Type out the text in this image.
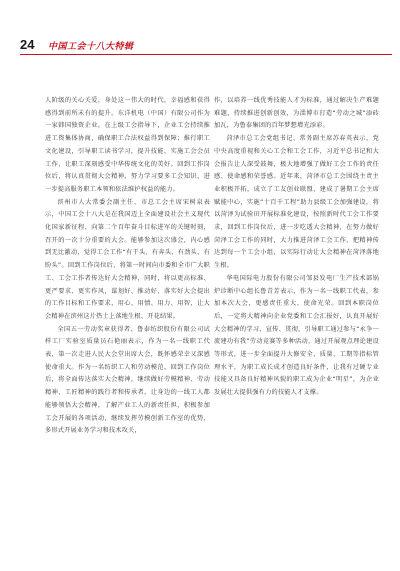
24 中国工会十八大特辑

人阶级的关心关爱，身处这一伟大的时代，幸福感和获得感得到前所未有的提升。东洋机电（中国）有限公司作为一家韩国独资企业，在上级工会指导下，企业工会持续推进工资集体协商，确保职工合法权益得到保障；推行职工文化建设，引导职工读书学习，提升技能，实施工会会员工作，让职工深刻感受中华传统文化的美好。回到工作岗位后，将认真贯彻大会精神，努力学习要多工会知识，进一步提高服务职工本领和依法维护权益的能力。

滨州市人大常委会副主任、市总工会主席宋树泉表示，中国工会十八大是在我国迈上全面建设社会主义现代化国家新征程、向第二个百年奋斗目标进军的关键时刻，召开的一次十分重要的大会。能够参加这次盛会，内心感到无比激动，觉得工会工作“有干头、有奔头、有劲头、有盼头”。回到工作岗位后，将第一时间向市委和全市广大职工、工会工作者传达好大会精神，同时，将以更高标准、更严要求、更实作风，谋划好、推动好、落实好大会提出的工作目标和工作要求，用心、用情、用力、用智，让大会精神在滨州这片热土上落地生根、开花结果。

全国五一劳动奖章获得者、鲁泰纺织股份有限公司试样工厂实验室质量员石艳丽表示，作为一名一线职工代表，第一次走进人民大会堂出席大会，既怀感荣幸又深感使命重大。作为一名纺织工人和劳动模范，回到工作岗位后，将全面传达落实大会精神，继续做好劳模精神、劳动精神、工匠精神的践行者和传承者，让身边的一线工人都能够领悟大会精神，了解产业工人的新责任担，积极参加工会开展的各项活动，继续发挥劳模创新工作室的优势，多形式开展业务学习和技术攻关，

作，以培养一线优秀技能人才为标准，通过解决生产难题难题，持续推进创新创效，为淄博市打造“劳动之城”添砖加瓦，为鲁泰集团的百年梦想增光添彩。

菏泽市总工会党组书记、常务副主席苏春英表示，党中央高度重视和关心工会和工会工作，习近平总书记和大会报告让人深受鼓舞，极大地增强了做好工会工作的责任感、使命感和荣誉感。近年来，菏泽市总工会围绕主责主业积极开拓，成立了工友创业联盟，建成了暑期工会主席赋能中心，实施“十百千工程”助力县级工会加强建设，将以菏泽为试验田开展标准化建设，按照新时代工会工作要求，回到工作岗位后，进一步吃透大会精神，在努力做好菏泽工会工作的同时，大力推进菏泽工会工作，把精神传达到每一个工会小组，以实际行动让大会精神在菏泽落地生根。

华电国际电力股份有限公司邹县发电厂生产技术部锅炉诊断中心组长鲁青芳表示，作为一名一线职工代表，参加本次大会，更感责任重大、使命光荣。回到本职岗位后，一定将大精神向企业党委和工会汇报好，认真开展好大会精神的学习、宣传、贯彻，引导职工通过参与“永争一流建功有我”劳动竞赛等多种活动，通过开展观点理论建设等形式，进一步全面提升大修安全、质量、工期等指标管理水平，为职工成长成才创造良好条件，让我有过硬专业技能又具备良好精神风貌的职工成为企业“明星”，为企业发展壮大提供强有力的技能人才支撑。
